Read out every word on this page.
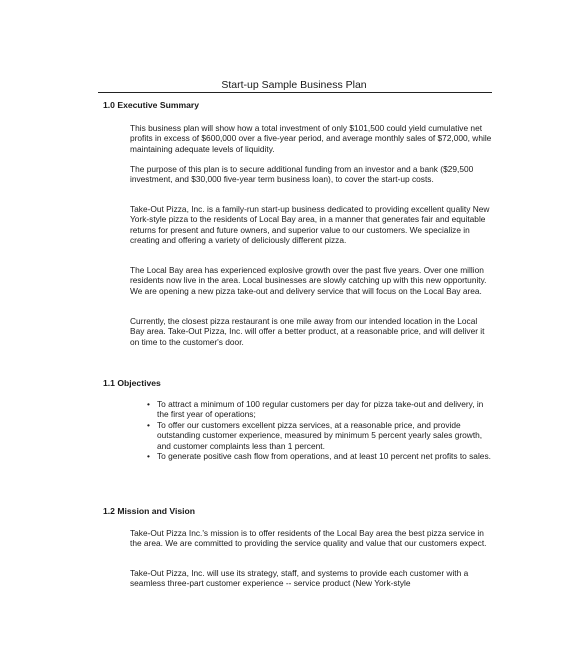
Start-up Sample Business Plan
1.0 Executive Summary

This business plan will show how a total investment of only $101,500 could yield cumulative net profits in excess of $600,000 over a five-year period, and average monthly sales of $72,000, while maintaining adequate levels of liquidity.

The purpose of this plan is to secure additional funding from an investor and a bank ($29,500 investment, and $30,000 five-year term business loan), to cover the start-up costs.

Take-Out Pizza, Inc. is a family-run start-up business dedicated to providing excellent quality New York-style pizza to the residents of Local Bay area, in a manner that generates fair and equitable returns for present and future owners, and superior value to our customers. We specialize in creating and offering a variety of deliciously different pizza.

The Local Bay area has experienced explosive growth over the past five years. Over one million residents now live in the area. Local businesses are slowly catching up with this new opportunity. We are opening a new pizza take-out and delivery service that will focus on the Local Bay area.

Currently, the closest pizza restaurant is one mile away from our intended location in the Local Bay area. Take-Out Pizza, Inc. will offer a better product, at a reasonable price, and will deliver it on time to the customer's door.

1.1 Objectives
• To attract a minimum of 100 regular customers per day for pizza take-out and delivery, in the first year of operations;
• To offer our customers excellent pizza services, at a reasonable price, and provide outstanding customer experience, measured by minimum 5 percent yearly sales growth, and customer complaints less than 1 percent.
• To generate positive cash flow from operations, and at least 10 percent net profits to sales.
1.2 Mission and Vision

Take-Out Pizza Inc.'s mission is to offer residents of the Local Bay area the best pizza service in the area. We are committed to providing the service quality and value that our customers expect.

Take-Out Pizza, Inc. will use its strategy, staff, and systems to provide each customer with a seamless three-part customer experience -- service product (New York-style
